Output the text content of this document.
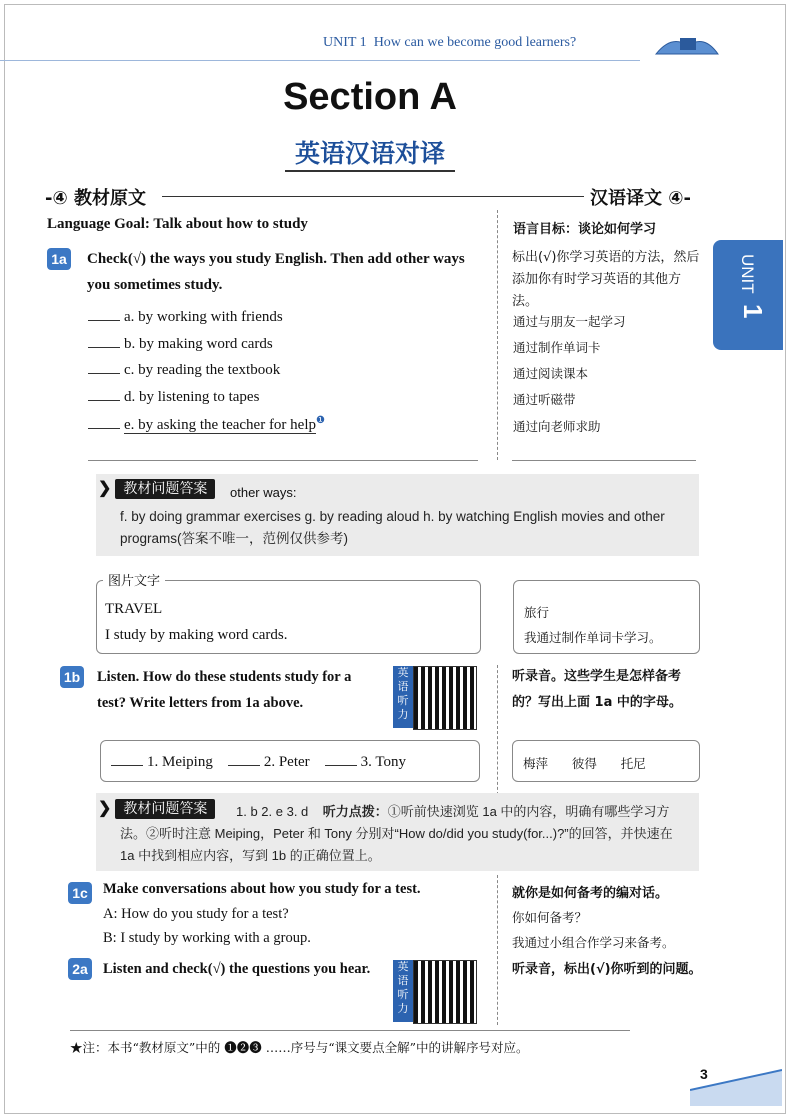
UNIT 1 How can we become good learners?
Section A
英语汉语对译
-④ 教材原文	汉语译文 ④-
UNIT
1
Language Goal: Talk about how to study	语言目标：谈论如何学习
1a Check(√) the ways you study English. Then add other ways you sometimes study.
标出(√)你学习英语的方法，然后添加你有时学习英语的其他方法。
a. by working with friends
b. by making word cards
c. by reading the textbook
d. by listening to tapes
e. by asking the teacher for help$^❶$
通过与朋友一起学习
通过制作单词卡
通过阅读课本
通过听磁带
通过向老师求助
❯ 教材问题答案	other ways:
f. by doing grammar exercises g. by reading aloud h. by watching English movies and other programs(答案不唯一，范例仅供参考)
图片文字
TRAVEL
I study by making word cards.
旅行
我通过制作单词卡学习。
1b Listen. How do these students study for a test? Write letters from 1a above.
英语听力
听录音。这些学生是怎样备考的？写出上面 1a 中的字母。
1. Meiping	2. Peter	3. Tony	梅萍 彼得 托尼
❯ 教材问题答案	1. b 2. e 3. d 听力点拨：①听前快速浏览 1a 中的内容，明确有哪些学习方法。②听时注意 Meiping，Peter 和 Tony 分别对“How do/did you study(for...)?”的回答，并快速在 1a 中找到相应内容，写到 1b 的正确位置上。
1c Make conversations about how you study for a test.
A: How do you study for a test?
B: I study by working with a group.
就你是如何备考的编对话。
你如何备考？
我通过小组合作学习来备考。
2a Listen and check(√) the questions you hear.	英语听力
听录音，标出(√)你听到的问题。
★注：本书“教材原文”中的 ❶❷❸ ……序号与“课文要点全解”中的讲解序号对应。
3
